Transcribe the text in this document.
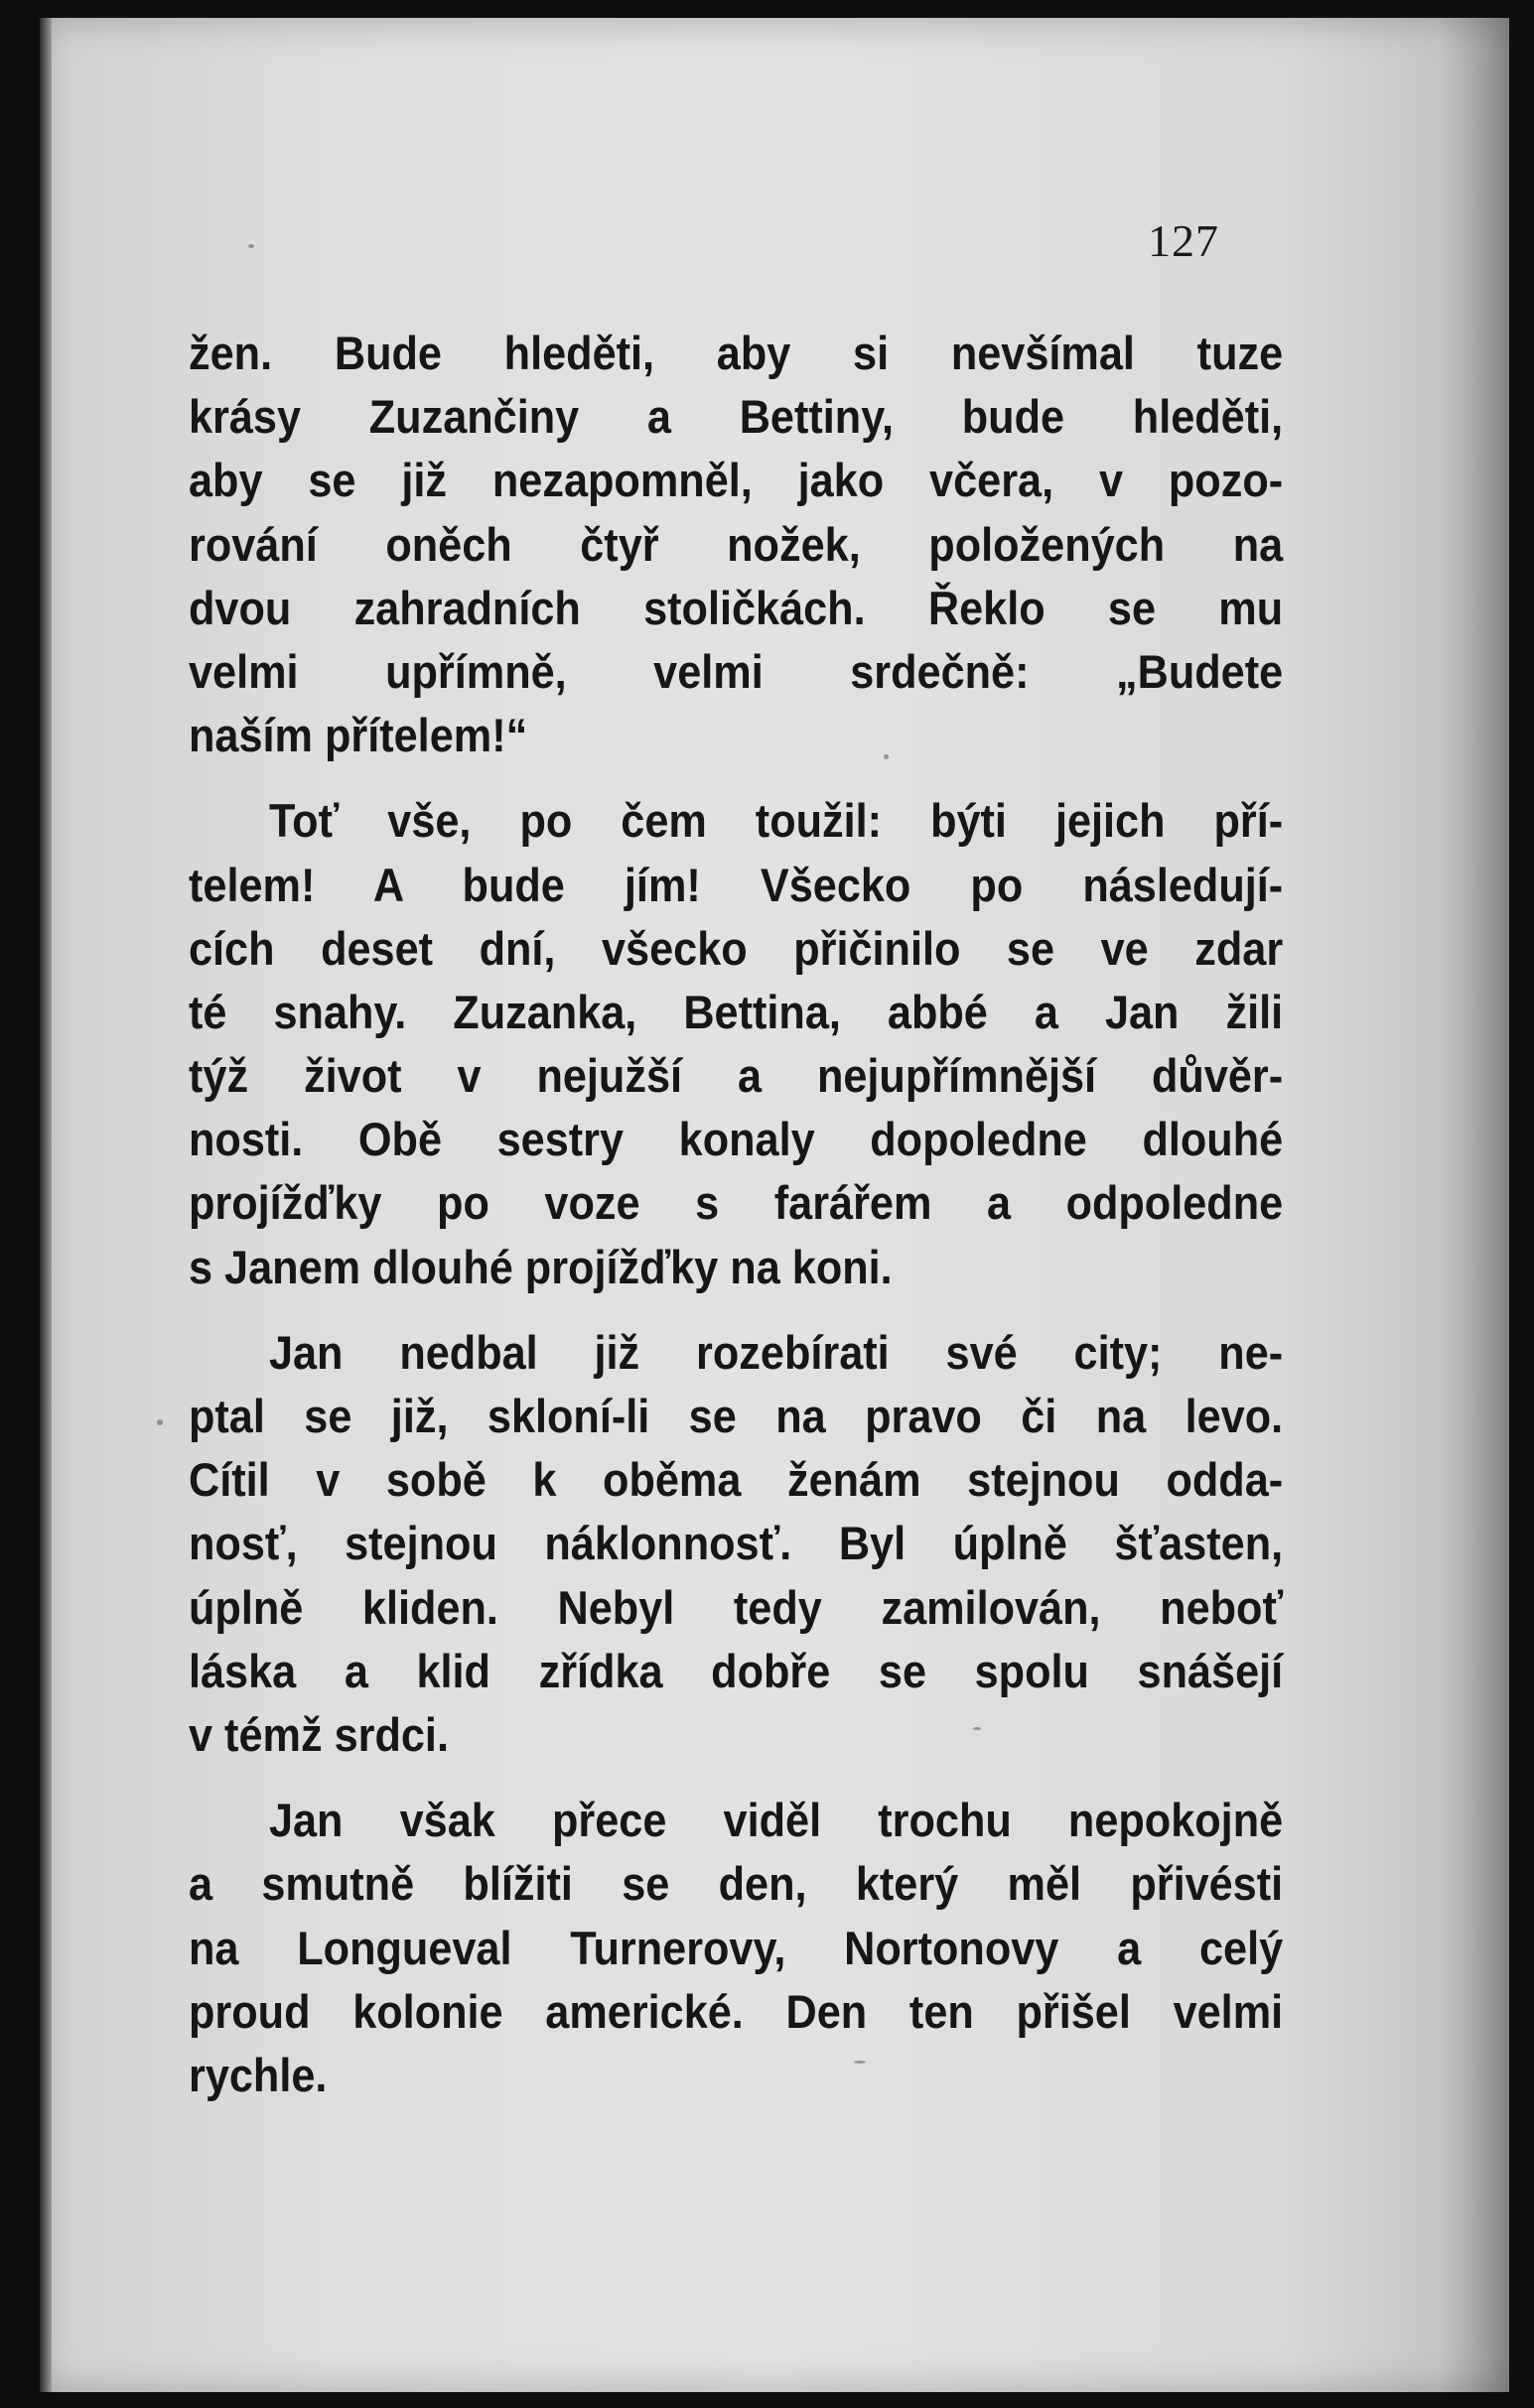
127
žen. Bude hleděti, aby si nevšímal tuze
krásy Zuzančiny a Bettiny, bude hleděti,
aby se již nezapomněl, jako včera, v pozo-
rování oněch čtyř nožek, položených na
dvou zahradních stoličkách. Řeklo se mu
velmi upřímně, velmi srdečně: „Budete
naším přítelem!“
Toť vše, po čem toužil: býti jejich pří-
telem! A bude jím! Všecko po následují-
cích deset dní, všecko přičinilo se ve zdar
té snahy. Zuzanka, Bettina, abbé a Jan žili
týž život v nejužší a nejupřímnější důvěr-
nosti. Obě sestry konaly dopoledne dlouhé
projížďky po voze s farářem a odpoledne
s Janem dlouhé projížďky na koni.
Jan nedbal již rozebírati své city; ne-
ptal se již, skloní-li se na pravo či na levo.
Cítil v sobě k oběma ženám stejnou odda-
nosť, stejnou náklonnosť. Byl úplně šťasten,
úplně kliden. Nebyl tedy zamilován, neboť
láska a klid zřídka dobře se spolu snášejí
v témž srdci.
Jan však přece viděl trochu nepokojně
a smutně blížiti se den, který měl přivésti
na Longueval Turnerovy, Nortonovy a celý
proud kolonie americké. Den ten přišel velmi
rychle.
